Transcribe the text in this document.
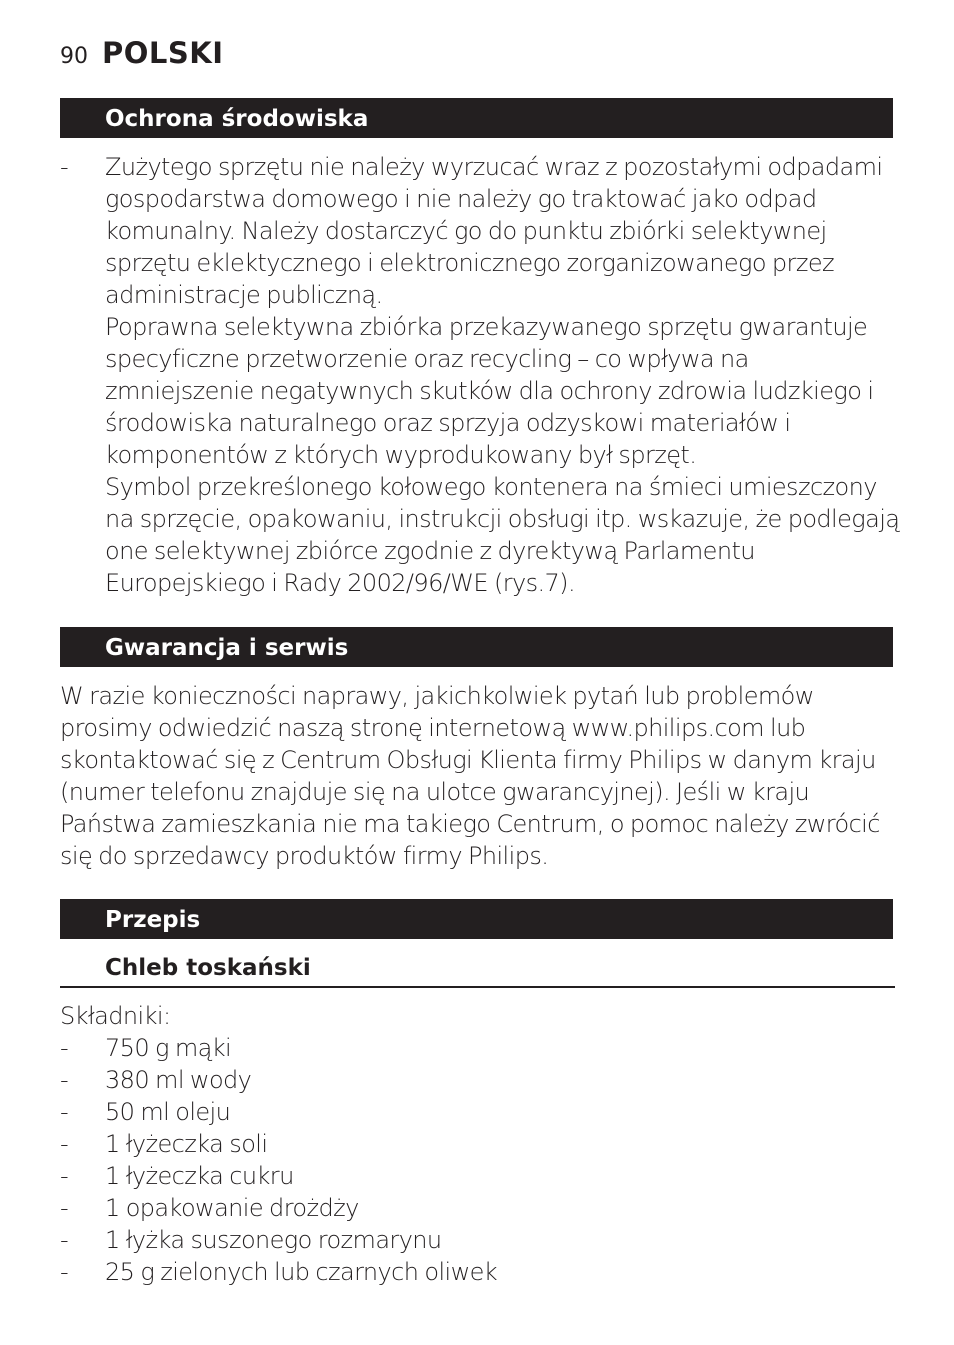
90 POLSKI
Ochrona środowiska
- Zużytego sprzętu nie należy wyrzucać wraz z pozostałymi odpadami
gospodarstwa domowego i nie należy go traktować jako odpad
komunalny. Należy dostarczyć go do punktu zbiórki selektywnej
sprzętu eklektycznego i elektronicznego zorganizowanego przez
administracje publiczną.
Poprawna selektywna zbiórka przekazywanego sprzętu gwarantuje
specyficzne przetworzenie oraz recycling – co wpływa na
zmniejszenie negatywnych skutków dla ochrony zdrowia ludzkiego i
środowiska naturalnego oraz sprzyja odzyskowi materiałów i
komponentów z których wyprodukowany był sprzęt.
Symbol przekreślonego kołowego kontenera na śmieci umieszczony
na sprzęcie, opakowaniu, instrukcji obsługi itp. wskazuje, że podlegają
one selektywnej zbiórce zgodnie z dyrektywą Parlamentu
Europejskiego i Rady 2002/96/WE (rys.7).
Gwarancja i serwis
W razie konieczności naprawy, jakichkolwiek pytań lub problemów
prosimy odwiedzić naszą stronę internetową www.philips.com lub
skontaktować się z Centrum Obsługi Klienta firmy Philips w danym kraju
(numer telefonu znajduje się na ulotce gwarancyjnej). Jeśli w kraju
Państwa zamieszkania nie ma takiego Centrum, o pomoc należy zwrócić
się do sprzedawcy produktów firmy Philips.
Przepis
Chleb toskański
Składniki:
- 750 g mąki
- 380 ml wody
- 50 ml oleju
- 1 łyżeczka soli
- 1 łyżeczka cukru
- 1 opakowanie drożdży
- 1 łyżka suszonego rozmarynu
- 25 g zielonych lub czarnych oliwek
